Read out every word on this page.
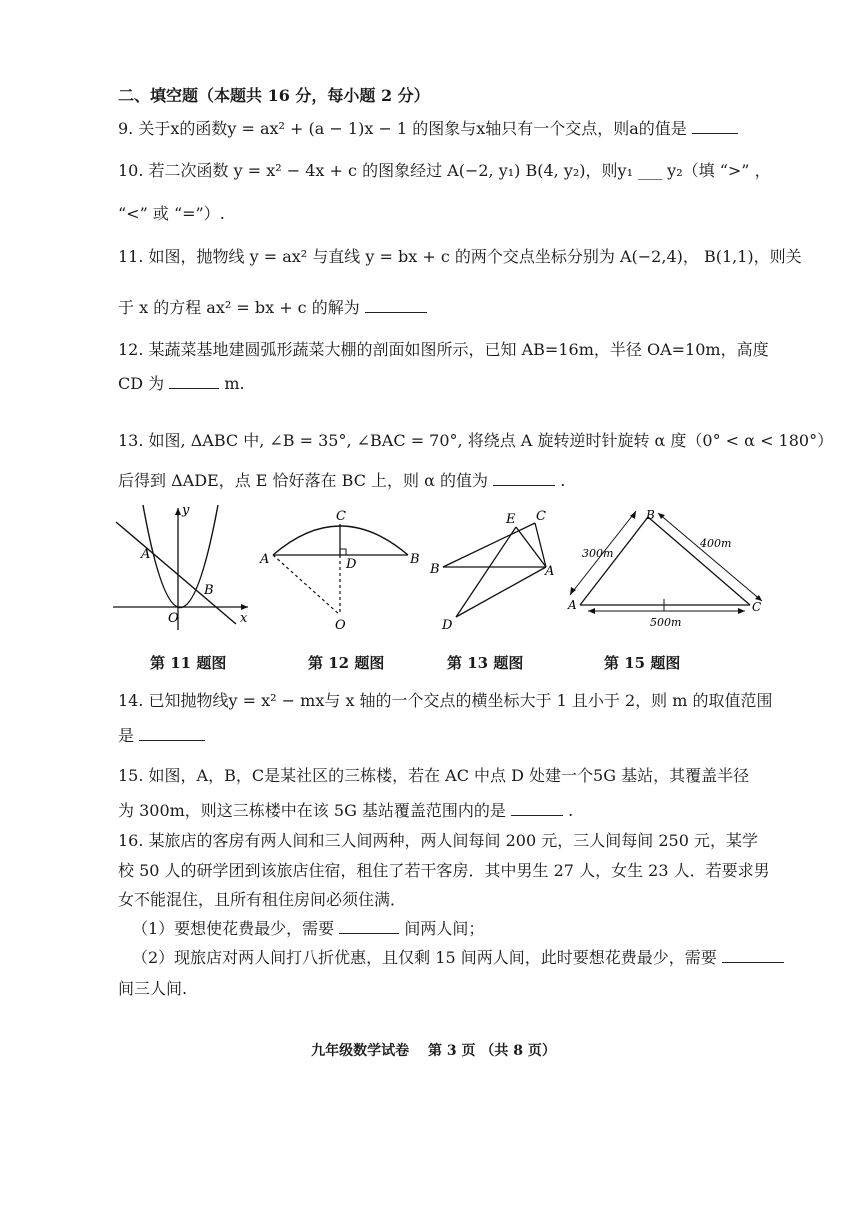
二、填空题（本题共 16 分，每小题 2 分）
9. 关于x的函数y = ax² + (a − 1)x − 1 的图象与x轴只有一个交点，则a的值是
10. 若二次函数 y = x² − 4x + c 的图象经过 A(−2, y₁) B(4, y₂)，则y₁ ___ y₂（填 “>” ，
“<” 或 “=”）.
11. 如图，抛物线 y = ax² 与直线 y = bx + c 的两个交点坐标分别为 A(−2,4)， B(1,1)，则关
于 x 的方程 ax² = bx + c 的解为
12. 某蔬菜基地建圆弧形蔬菜大棚的剖面如图所示，已知 AB=16m，半径 OA=10m，高度
CD 为	m.
13. 如图, ΔABC 中, ∠B = 35°, ∠BAC = 70°, 将绕点 A 旋转逆时针旋转 α 度（0° < α < 180°）
后得到 ΔADE，点 E 恰好落在 BC 上，则 α 的值为	.
y
x
O
A
B
C
A	D	B
O
E C
B	A
D
B
A	C
300m
400m
500m
第 11 题图	第 12 题图	第 13 题图	第 15 题图
14. 已知抛物线y = x² − mx与 x 轴的一个交点的横坐标大于 1 且小于 2，则 m 的取值范围
是
15. 如图，A，B，C是某社区的三栋楼，若在 AC 中点 D 处建一个5G 基站，其覆盖半径
为 300m，则这三栋楼中在该 5G 基站覆盖范围内的是	.
16. 某旅店的客房有两人间和三人间两种，两人间每间 200 元，三人间每间 250 元，某学
校 50 人的研学团到该旅店住宿，租住了若干客房．其中男生 27 人，女生 23 人．若要求男
女不能混住，且所有租住房间必须住满．
（1）要想使花费最少，需要	间两人间；
（2）现旅店对两人间打八折优惠，且仅剩 15 间两人间，此时要想花费最少，需要
间三人间.
九年级数学试卷　 第 3 页 （共 8 页）
